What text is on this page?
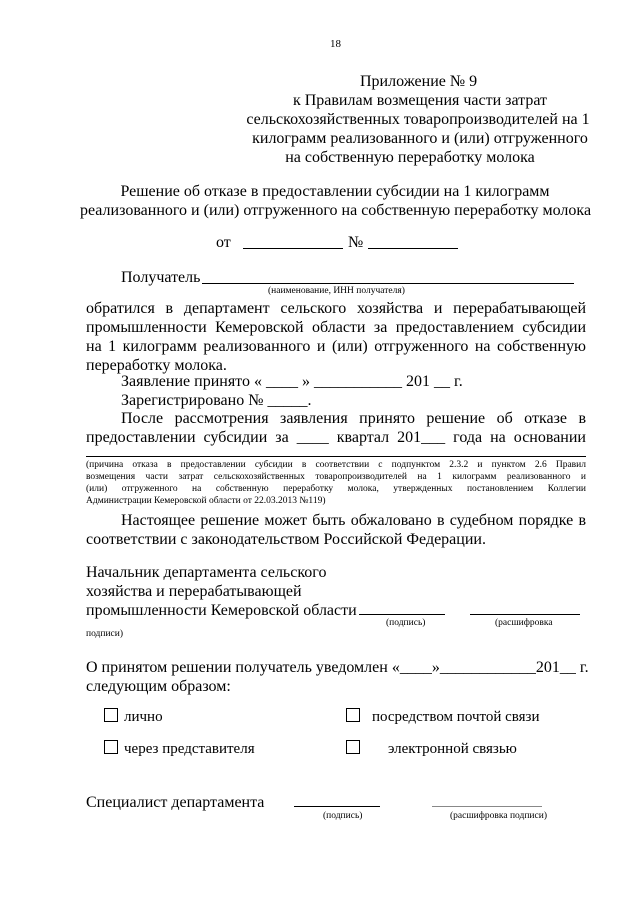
18
Приложение № 9
к Правилам возмещения части затрат
сельскохозяйственных товаропроизводителей на 1
килограмм реализованного и (или) отгруженного
на собственную переработку молока
Решение об отказе в предоставлении субсидии на 1 килограмм
реализованного и (или) отгруженного на собственную переработку молока
от	№
Получатель
(наименование, ИНН получателя)
обратился в департамент сельского хозяйства и перерабатывающей
промышленности Кемеровской области за предоставлением субсидии
на 1 килограмм реализованного и (или) отгруженного на собственную
переработку молока.
Заявление принято « ____ » ___________ 201 __ г.
Зарегистрировано № _____.
После рассмотрения заявления принято решение об отказе в
предоставлении субсидии за ____ квартал 201___ года на основании
(причина отказа в предоставлении субсидии в соответствии с подпунктом 2.3.2 и пунктом 2.6 Правил
возмещения части затрат сельскохозяйственных товаропроизводителей на 1 килограмм реализованного и
(или) отгруженного на собственную переработку молока, утвержденных постановлением Коллегии
Администрации Кемеровской области от 22.03.2013 №119)
Настоящее решение может быть обжаловано в судебном порядке в
соответствии с законодательством Российской Федерации.
Начальник департамента сельского
хозяйства и перерабатывающей
промышленности Кемеровской области
(подпись)	(расшифровка
подписи)
О принятом решении получатель уведомлен «____»____________201__ г.
следующим образом:
лично	посредством почтой связи
через представителя	электронной связью
Специалист департамента
(подпись)	(расшифровка подписи)
